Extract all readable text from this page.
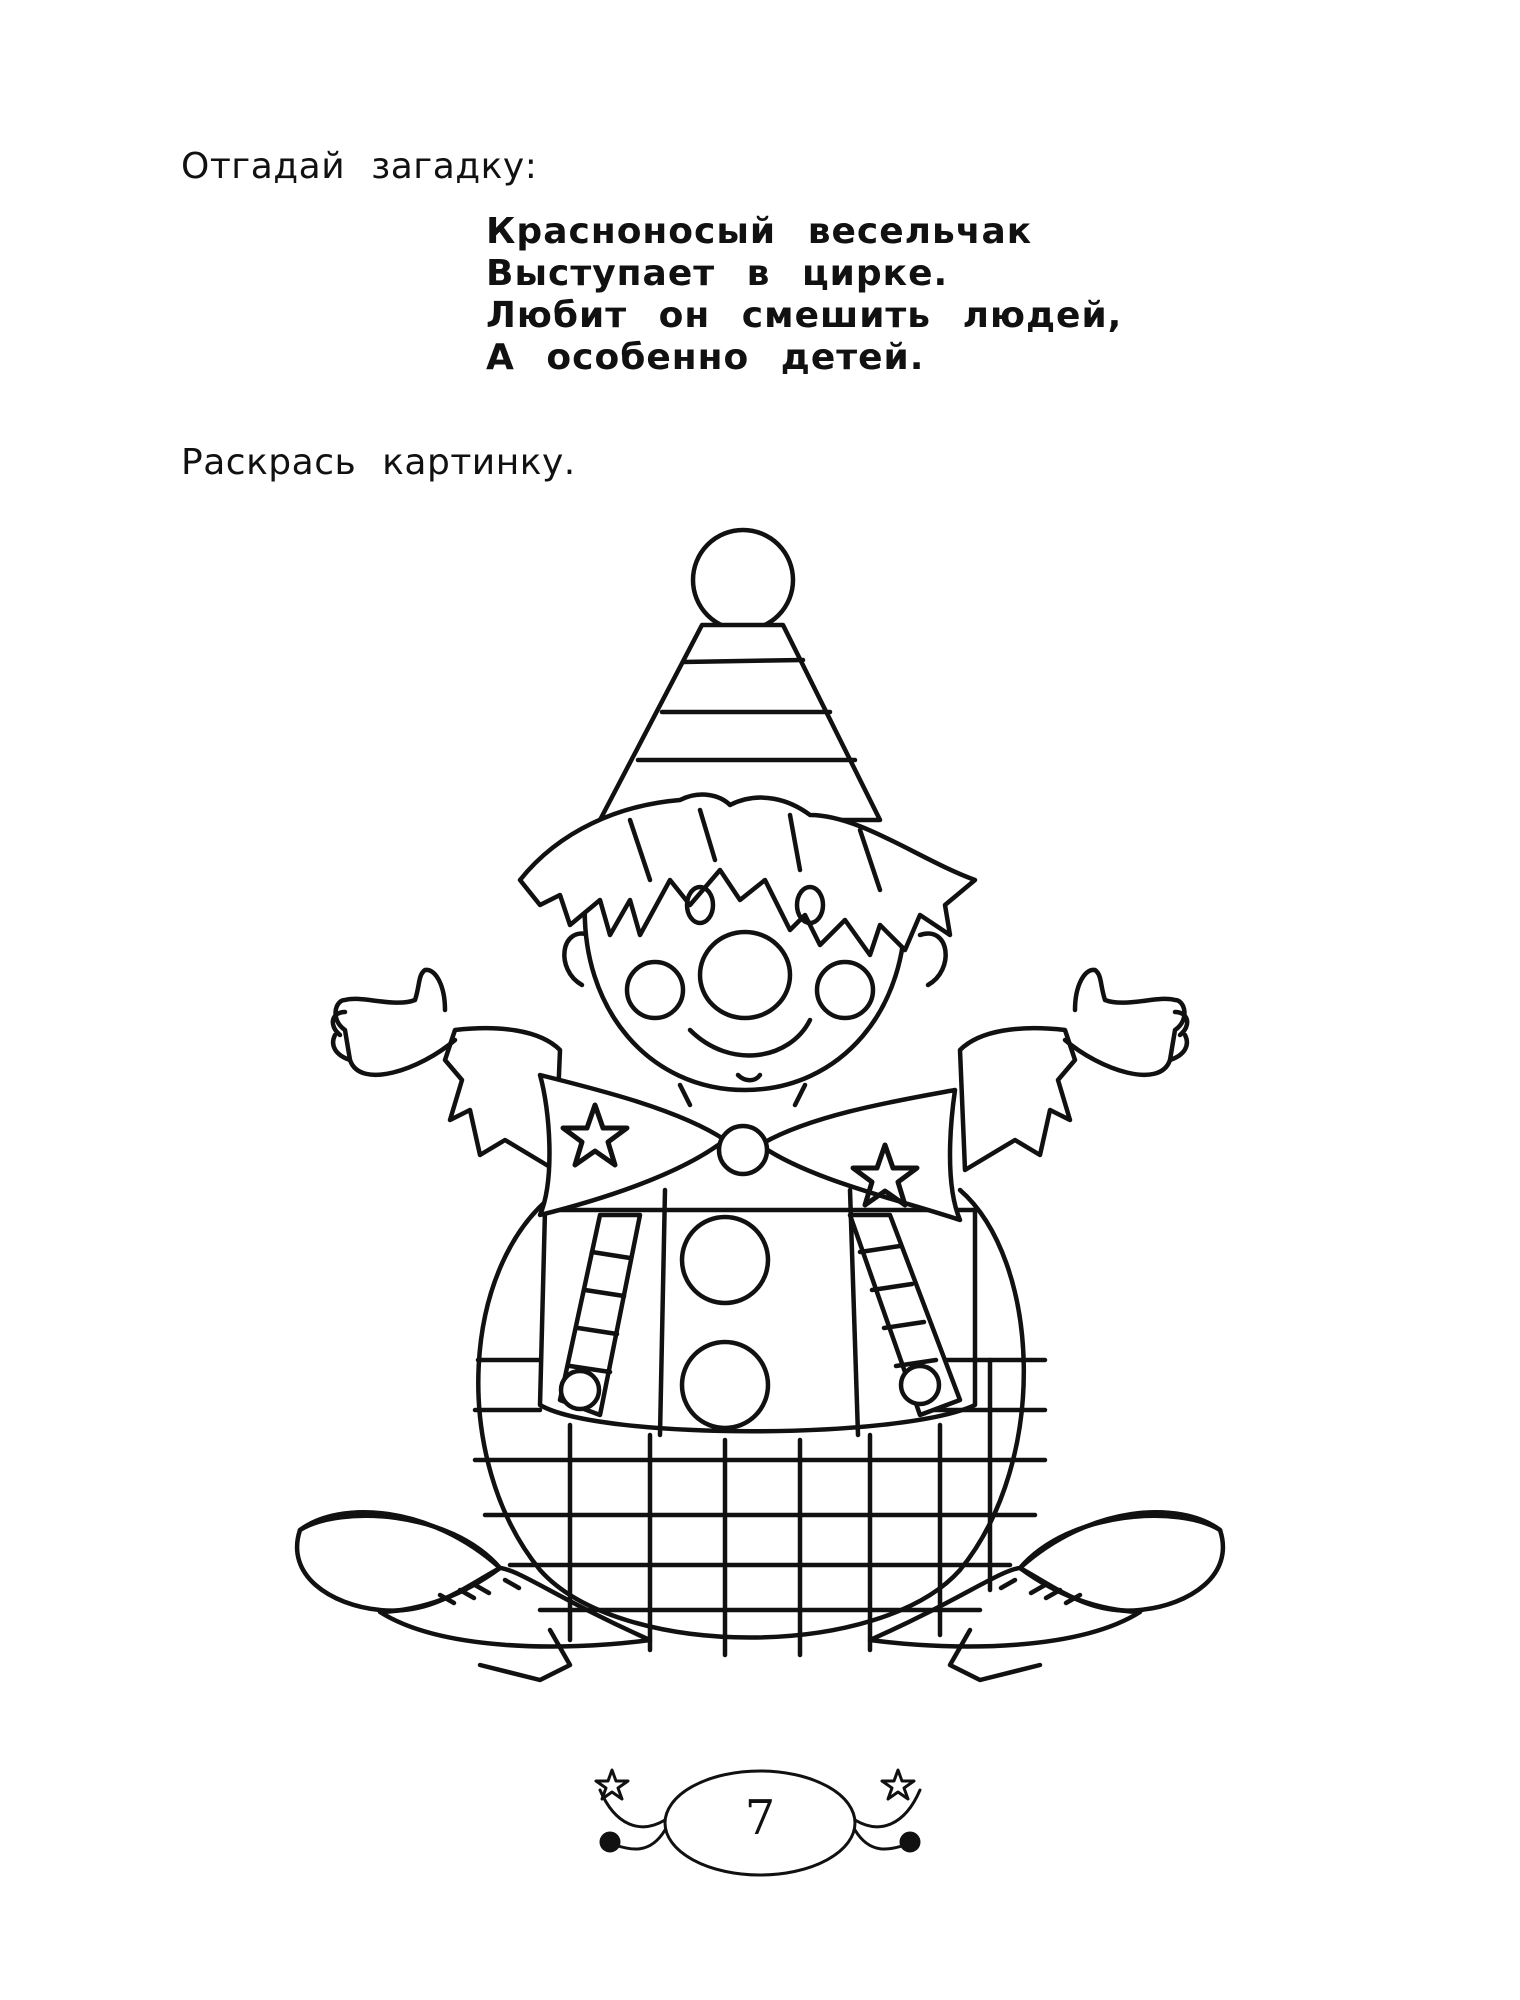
Отгадай загадку:

Красноносый весельчак
Выступает в цирке.
Любит он смешить людей,
А особенно детей.

Раскрась картинку.

7
